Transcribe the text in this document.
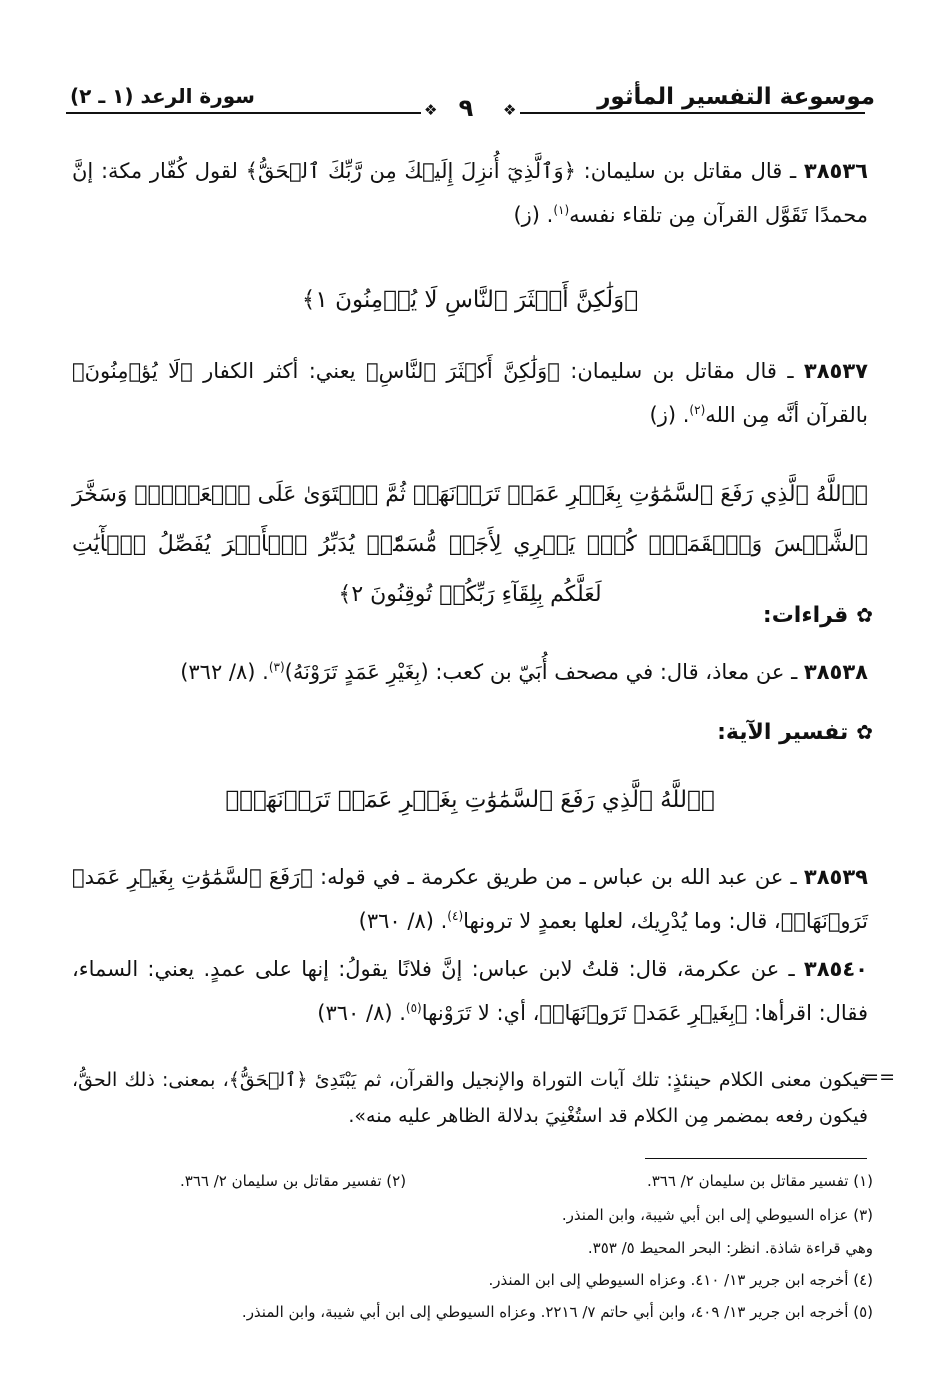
موسوعة التفسير المأثور
سورة الرعد (١ ـ ٢)
❖ ٩	❖
٣٨٥٣٦ ـ قال مقاتل بن سليمان: ﴿وَٱلَّذِيٓ أُنزِلَ إِلَيۡكَ مِن رَّبِّكَ ٱلۡحَقُّ﴾ لقول كُفّار مكة: إنَّ محمدًا تَقَوَّل القرآن مِن تلقاء نفسه$^{(١)}$. (ز)
﴿وَلَٰكِنَّ أَكۡثَرَ ٱلنَّاسِ لَا يُؤۡمِنُونَ ١﴾
٣٨٥٣٧ ـ قال مقاتل بن سليمان: ﴿وَلَٰكِنَّ أَكۡثَرَ ٱلنَّاسِ﴾ يعني: أكثر الكفار ﴿لَا يُؤۡمِنُونَ﴾ بالقرآن أنَّه مِن الله$^{(٢)}$. (ز)
﴿ٱللَّهُ ٱلَّذِي رَفَعَ ٱلسَّمَٰوَٰتِ بِغَيۡرِ عَمَدٖ تَرَوۡنَهَاۖ ثُمَّ ٱسۡتَوَىٰ عَلَى ٱلۡعَرۡشِۖ وَسَخَّرَ ٱلشَّمۡسَ وَٱلۡقَمَرَۖ كُلّٞ يَجۡرِي لِأَجَلٖ مُّسَمّٗىۚ يُدَبِّرُ ٱلۡأَمۡرَ يُفَصِّلُ ٱلۡأٓيَٰتِ لَعَلَّكُم بِلِقَآءِ رَبِّكُمۡ تُوقِنُونَ ٢﴾
✿قراءات:
٣٨٥٣٨ ـ عن معاذ، قال: في مصحف أُبَيّ بن كعب: (بِغَيْرِ عَمَدٍ تَرَوْنَهُ)$^{(٣)}$. (٨/ ٣٦٢)
✿تفسير الآية:
﴿ٱللَّهُ ٱلَّذِي رَفَعَ ٱلسَّمَٰوَٰتِ بِغَيۡرِ عَمَدٖ تَرَوۡنَهَاۖ﴾
٣٨٥٣٩ ـ عن عبد الله بن عباس ـ من طريق عكرمة ـ في قوله: ﴿رَفَعَ ٱلسَّمَٰوَٰتِ بِغَيۡرِ عَمَدٖ تَرَوۡنَهَاۖ﴾، قال: وما يُدْرِيك، لعلها بعمدٍ لا ترونها$^{(٤)}$. (٨/ ٣٦٠)
٣٨٥٤٠ ـ عن عكرمة، قال: قلتُ لابن عباس: إنَّ فلانًا يقولُ: إنها على عمدٍ. يعني: السماء، فقال: اقرأها: ﴿بِغَيۡرِ عَمَدٖ تَرَوۡنَهَاۖ﴾، أي: لا تَرَوْنها$^{(٥)}$. (٨/ ٣٦٠)
==
فيكون معنى الكلام حينئذٍ: تلك آيات التوراة والإنجيل والقرآن، ثم يَبْتَدِئ ﴿ٱلۡحَقُّ﴾، بمعنى: ذلك الحقُّ، فيكون رفعه بمضمر مِن الكلام قد استُغْنِيَ بدلالة الظاهر عليه منه».
(١) تفسير مقاتل بن سليمان ٢/ ٣٦٦.
(٢) تفسير مقاتل بن سليمان ٢/ ٣٦٦.
(٣) عزاه السيوطي إلى ابن أبي شيبة، وابن المنذر.
وهي قراءة شاذة. انظر: البحر المحيط ٥/ ٣٥٣.
(٤) أخرجه ابن جرير ١٣/ ٤١٠. وعزاه السيوطي إلى ابن المنذر.
(٥) أخرجه ابن جرير ١٣/ ٤٠٩، وابن أبي حاتم ٧/ ٢٢١٦. وعزاه السيوطي إلى ابن أبي شيبة، وابن المنذر.
